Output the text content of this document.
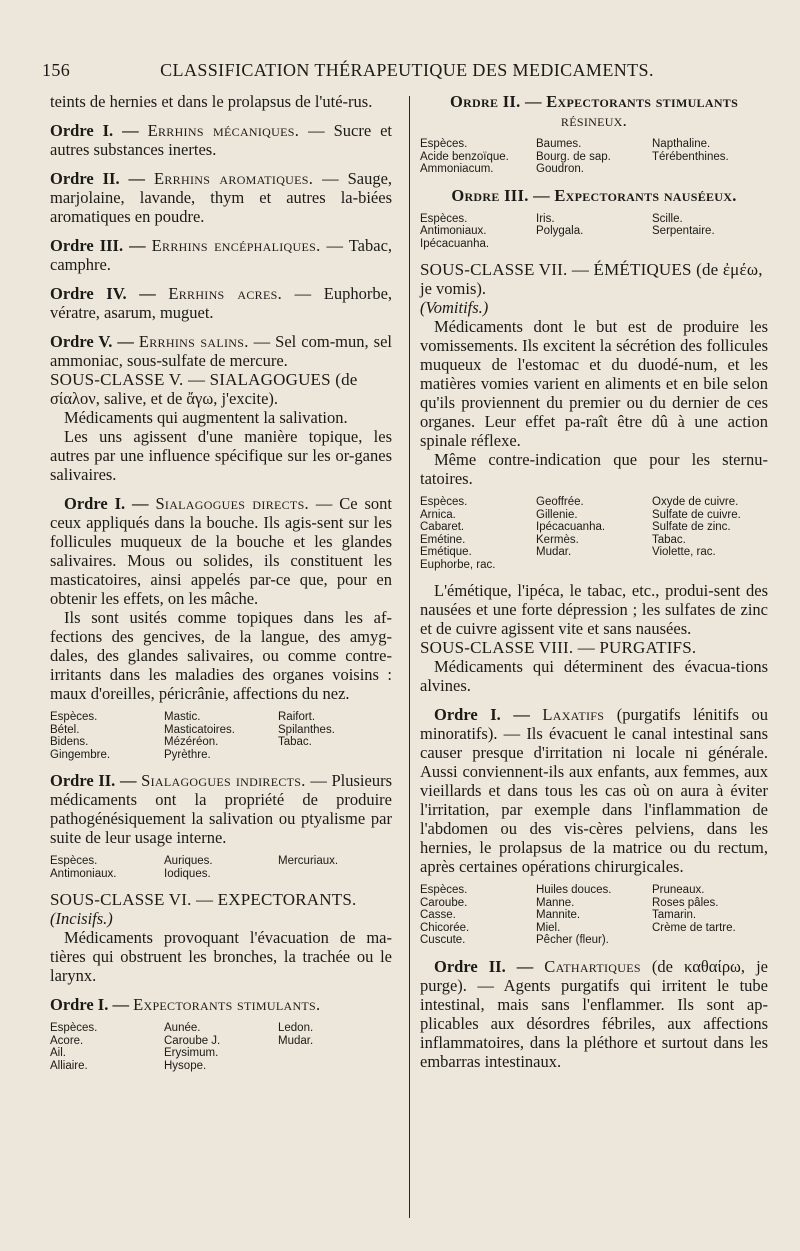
156	CLASSIFICATION THÉRAPEUTIQUE DES MEDICAMENTS.

teints de hernies et dans le prolapsus de l'uté-rus.

Ordre I. — Errhins mécaniques. — Sucre et autres substances inertes.

Ordre II. — Errhins aromatiques. — Sauge, marjolaine, lavande, thym et autres la-biées aromatiques en poudre.

Ordre III. — Errhins encéphaliques. — Tabac, camphre.

Ordre IV. — Errhins acres. — Euphorbe, vératre, asarum, muguet.

Ordre V. — Errhins salins. — Sel com-mun, sel ammoniac, sous-sulfate de mercure.

SOUS-CLASSE V. — SIALAGOGUES (de

σίαλον, salive, et de ἄγω, j'excite).

Médicaments qui augmentent la salivation.

Les uns agissent d'une manière topique, les autres par une influence spécifique sur les or-ganes salivaires.

Ordre I. — Sialagogues directs. — Ce sont ceux appliqués dans la bouche. Ils agis-sent sur les follicules muqueux de la bouche et les glandes salivaires. Mous ou solides, ils constituent les masticatoires, ainsi appelés par-ce que, pour en obtenir les effets, on les mâche.

Ils sont usités comme topiques dans les af-fections des gencives, de la langue, des amyg-dales, des glandes salivaires, ou comme contre-irritants dans les maladies des organes voisins : maux d'oreilles, péricrânie, affections du nez.

Espèces.	Mastic.	Raifort.
Bétel.	Masticatoires.	Spilanthes.
Bidens.	Mézéréon.	Tabac.
Gingembre.	Pyrèthre.

Ordre II. — Sialagogues indirects. — Plusieurs médicaments ont la propriété de produire pathogénésiquement la salivation ou ptyalisme par suite de leur usage interne.

Espèces.	Auriques.	Mercuriaux.
Antimoniaux.	Iodiques.

SOUS-CLASSE VI. — EXPECTORANTS.

(Incisifs.)

Médicaments provoquant l'évacuation de ma-tières qui obstruent les bronches, la trachée ou le larynx.

Ordre I. — Expectorants stimulants.

Espèces.	Aunée.	Ledon.
Acore.	Caroube J.	Mudar.
Ail.	Erysimum.
Alliaire.	Hysope.

Ordre II. — Expectorants stimulants

résineux.

Espèces.	Baumes.	Napthaline.
Acide benzoïque.	Bourg. de sap.	Térébenthines.
Ammoniacum.	Goudron.

Ordre III. — Expectorants nauséeux.

Espèces.	Iris.	Scille.
Antimoniaux.	Polygala.	Serpentaire.
Ipécacuanha.

SOUS-CLASSE VII. — ÉMÉTIQUES (de ἐμέω,

je vomis).

(Vomitifs.)

Médicaments dont le but est de produire les vomissements. Ils excitent la sécrétion des follicules muqueux de l'estomac et du duodé-num, et les matières vomies varient en aliments et en bile selon qu'ils proviennent du premier ou du dernier de ces organes. Leur effet pa-raît être dû à une action spinale réflexe.

Même contre-indication que pour les sternu-tatoires.

Espèces.	Geoffrée.	Oxyde de cuivre.
Arnica.	Gillenie.	Sulfate de cuivre.
Cabaret.	Ipécacuanha.	Sulfate de zinc.
Emétine.	Kermès.	Tabac.
Emétique.	Mudar.	Violette, rac.
Euphorbe, rac.

L'émétique, l'ipéca, le tabac, etc., produi-sent des nausées et une forte dépression ; les sulfates de zinc et de cuivre agissent vite et sans nausées.

SOUS-CLASSE VIII. — PURGATIFS.

Médicaments qui déterminent des évacua-tions alvines.

Ordre I. — Laxatifs (purgatifs lénitifs ou minoratifs). — Ils évacuent le canal intestinal sans causer presque d'irritation ni locale ni générale. Aussi conviennent-ils aux enfants, aux femmes, aux vieillards et dans tous les cas où on aura à éviter l'irritation, par exemple dans l'inflammation de l'abdomen ou des vis-cères pelviens, dans les hernies, le prolapsus de la matrice ou du rectum, après certaines opérations chirurgicales.

Espèces.	Huiles douces.	Pruneaux.
Caroube.	Manne.	Roses pâles.
Casse.	Mannite.	Tamarin.
Chicorée.	Miel.	Crème de tartre.
Cuscute.	Pêcher (fleur).

Ordre II. — Cathartiques (de καθαίρω, je purge). — Agents purgatifs qui irritent le tube intestinal, mais sans l'enflammer. Ils sont ap-plicables aux désordres fébriles, aux affections inflammatoires, dans la pléthore et surtout dans les embarras intestinaux.
